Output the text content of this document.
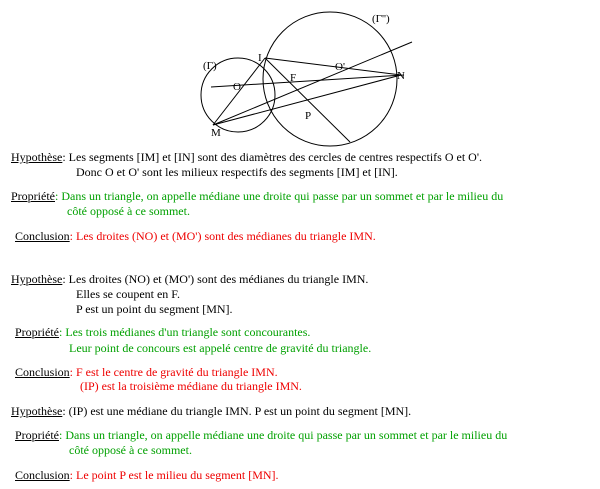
(Γ)
(Γ'')
I
O
O'
F	N
P
M
Hypothèse: Les segments [IM] et [IN] sont des diamètres des cercles de centres respectifs O et O'.
Donc O et O' sont les milieux respectifs des segments [IM] et [IN].
Propriété: Dans un triangle, on appelle médiane une droite qui passe par un sommet et par le milieu du
côté opposé à ce sommet.
Conclusion: Les droites (NO) et (MO') sont des médianes du triangle IMN.
Hypothèse: Les droites (NO) et (MO') sont des médianes du triangle IMN.
Elles se coupent en F.
P est un point du segment [MN].
Propriété: Les trois médianes d'un triangle sont concourantes.
Leur point de concours est appelé centre de gravité du triangle.
Conclusion: F est le centre de gravité du triangle IMN.
(IP) est la troisième médiane du triangle IMN.
Hypothèse: (IP) est une médiane du triangle IMN. P est un point du segment [MN].
Propriété: Dans un triangle, on appelle médiane une droite qui passe par un sommet et par le milieu du
côté opposé à ce sommet.
Conclusion: Le point P est le milieu du segment [MN].
